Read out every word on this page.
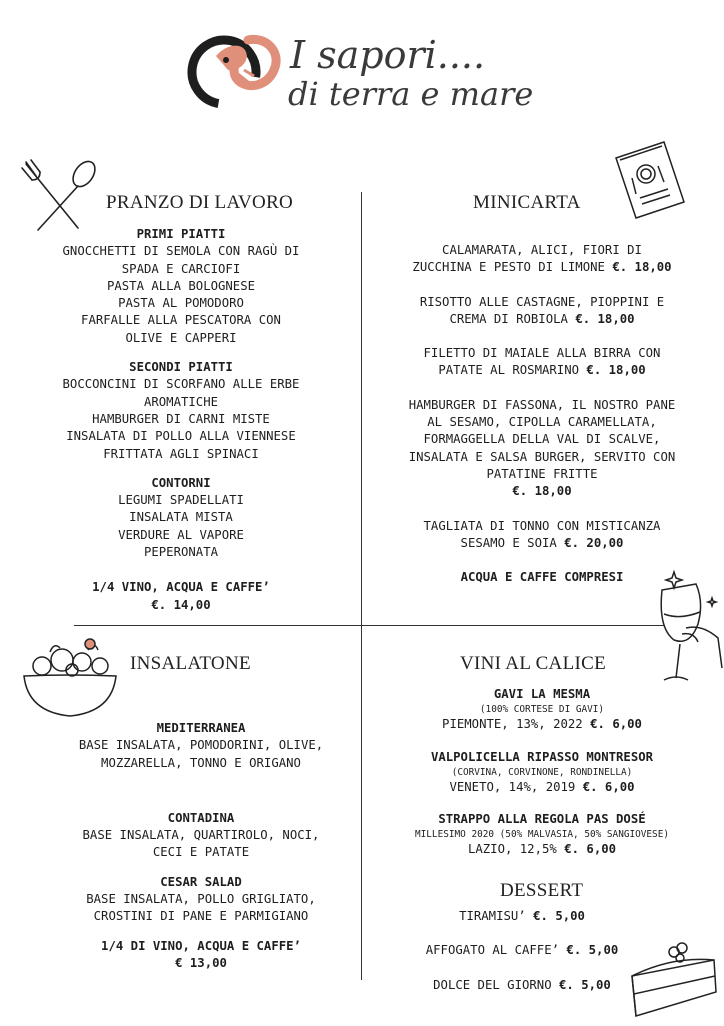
I sapori....
di terra e mare
PRANZO DI LAVORO
PRIMI PIATTI
GNOCCHETTI DI SEMOLA CON RAGÙ DI
SPADA E CARCIOFI
PASTA ALLA BOLOGNESE
PASTA AL POMODORO
FARFALLE ALLA PESCATORA CON
OLIVE E CAPPERI
SECONDI PIATTI
BOCCONCINI DI SCORFANO ALLE ERBE
AROMATICHE
HAMBURGER DI CARNI MISTE
INSALATA DI POLLO ALLA VIENNESE
FRITTATA AGLI SPINACI
CONTORNI
LEGUMI SPADELLATI
INSALATA MISTA
VERDURE AL VAPORE
PEPERONATA
1/4 VINO, ACQUA E CAFFE’
€. 14,00
MINICARTA
CALAMARATA, ALICI, FIORI DI
ZUCCHINA E PESTO DI LIMONE €. 18,00
RISOTTO ALLE CASTAGNE, PIOPPINI E
CREMA DI ROBIOLA €. 18,00
FILETTO DI MAIALE ALLA BIRRA CON
PATATE AL ROSMARINO €. 18,00
HAMBURGER DI FASSONA, IL NOSTRO PANE
AL SESAMO, CIPOLLA CARAMELLATA,
FORMAGGELLA DELLA VAL DI SCALVE,
INSALATA E SALSA BURGER, SERVITO CON
PATATINE FRITTE
€. 18,00
TAGLIATA DI TONNO CON MISTICANZA
SESAMO E SOIA €. 20,00
ACQUA E CAFFE COMPRESI
INSALATONE
MEDITERRANEA
BASE INSALATA, POMODORINI, OLIVE,
MOZZARELLA, TONNO E ORIGANO
CONTADINA
BASE INSALATA, QUARTIROLO, NOCI,
CECI E PATATE
CESAR SALAD
BASE INSALATA, POLLO GRIGLIATO,
CROSTINI DI PANE E PARMIGIANO
1/4 DI VINO, ACQUA E CAFFE’
€ 13,00
VINI AL CALICE
GAVI LA MESMA
(100% CORTESE DI GAVI)
PIEMONTE, 13%, 2022 €. 6,00
VALPOLICELLA RIPASSO MONTRESOR
(CORVINA, CORVINONE, RONDINELLA)
VENETO, 14%, 2019 €. 6,00
STRAPPO ALLA REGOLA PAS DOSÉ
MILLESIMO 2020 (50% MALVASIA, 50% SANGIOVESE)
LAZIO, 12,5% €. 6,00
DESSERT
TIRAMISU’ €. 5,00
AFFOGATO AL CAFFE’ €. 5,00
DOLCE DEL GIORNO €. 5,00
